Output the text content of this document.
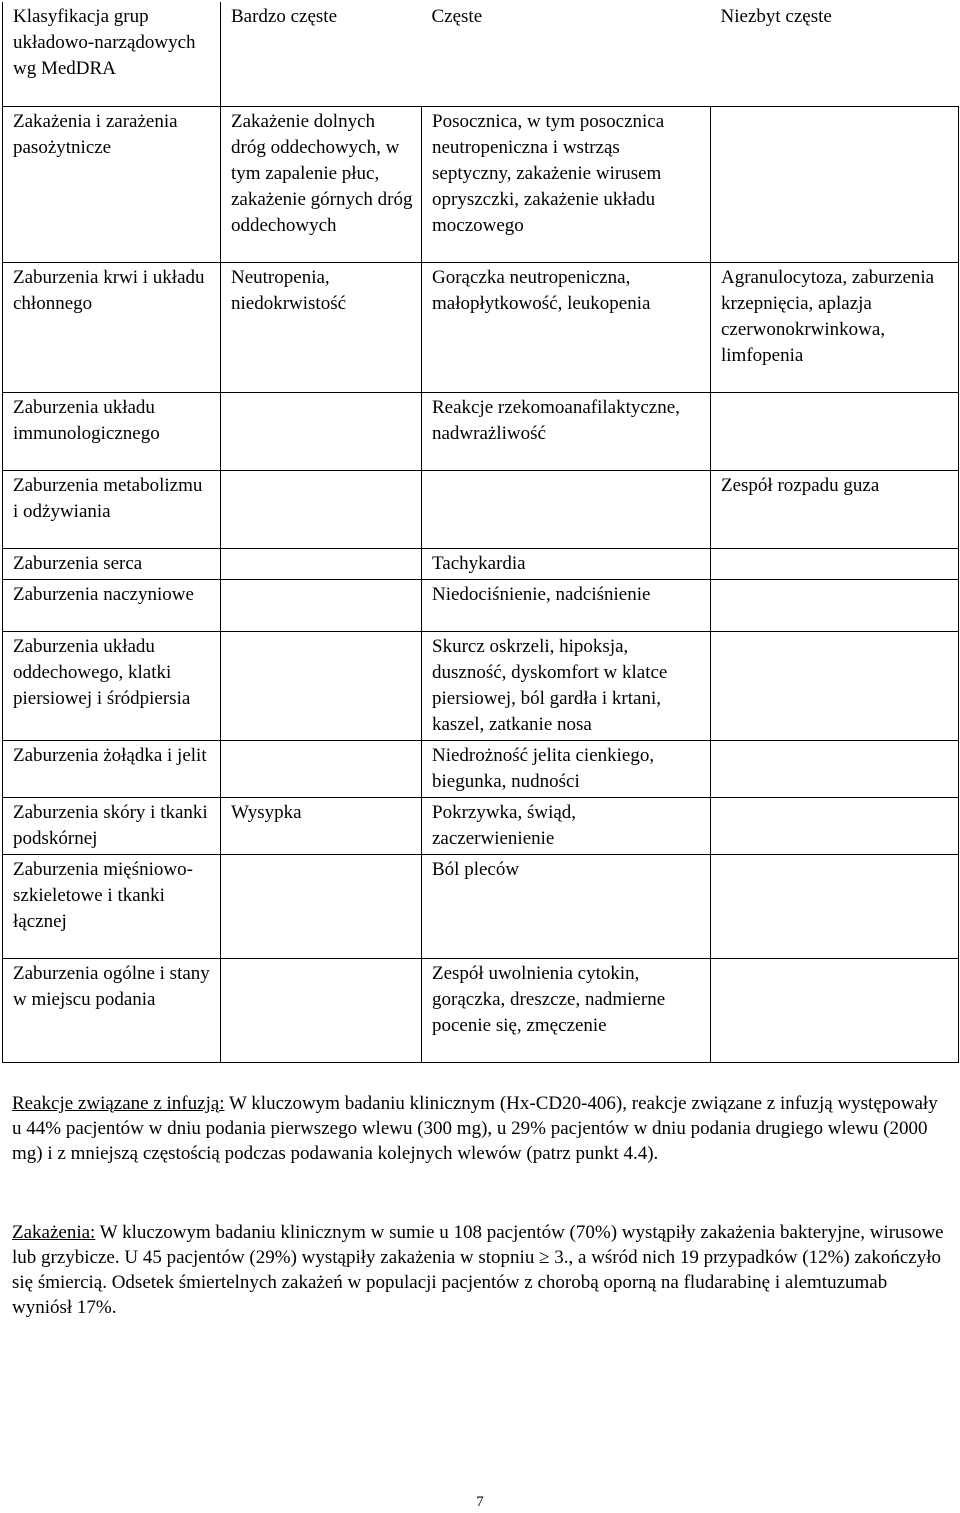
Klasyfikacja grup układowo-narządowych wg MedDRA	Bardzo częste	Częste	Niezbyt częste
Zakażenia i zarażenia pasożytnicze	Zakażenie dolnych dróg oddechowych, w tym zapalenie płuc, zakażenie górnych dróg oddechowych	Posocznica, w tym posocznica neutropeniczna i wstrząs septyczny, zakażenie wirusem opryszczki, zakażenie układu moczowego	
Zaburzenia krwi i układu chłonnego	Neutropenia, niedokrwistość	Gorączka neutropeniczna, małopłytkowość, leukopenia	Agranulocytoza, zaburzenia krzepnięcia, aplazja czerwonokrwinkowa, limfopenia
Zaburzenia układu immunologicznego		Reakcje rzekomoanafilaktyczne, nadwrażliwość	
Zaburzenia metabolizmu i odżywiania			Zespół rozpadu guza
Zaburzenia serca		Tachykardia	
Zaburzenia naczyniowe		Niedociśnienie, nadciśnienie	
Zaburzenia układu oddechowego, klatki piersiowej i śródpiersia		Skurcz oskrzeli, hipoksja, duszność, dyskomfort w klatce piersiowej, ból gardła i krtani, kaszel, zatkanie nosa	
Zaburzenia żołądka i jelit		Niedrożność jelita cienkiego, biegunka, nudności	
Zaburzenia skóry i tkanki podskórnej	Wysypka	Pokrzywka, świąd, zaczerwienienie	
Zaburzenia mięśniowo-szkieletowe i tkanki łącznej		Ból pleców	
Zaburzenia ogólne i stany w miejscu podania		Zespół uwolnienia cytokin, gorączka, dreszcze, nadmierne pocenie się, zmęczenie	

Reakcje związane z infuzją: W kluczowym badaniu klinicznym (Hx-CD20-406), reakcje związane z infuzją występowały u 44% pacjentów w dniu podania pierwszego wlewu (300 mg), u 29% pacjentów w dniu podania drugiego wlewu (2000 mg) i z mniejszą częstością podczas podawania kolejnych wlewów (patrz punkt 4.4).

Zakażenia: W kluczowym badaniu klinicznym w sumie u 108 pacjentów (70%) wystąpiły zakażenia bakteryjne, wirusowe lub grzybicze. U 45 pacjentów (29%) wystąpiły zakażenia w stopniu ≥ 3., a wśród nich 19 przypadków (12%) zakończyło się śmiercią. Odsetek śmiertelnych zakażeń w populacji pacjentów z chorobą oporną na fludarabinę i alemtuzumab wyniósł 17%.

7
